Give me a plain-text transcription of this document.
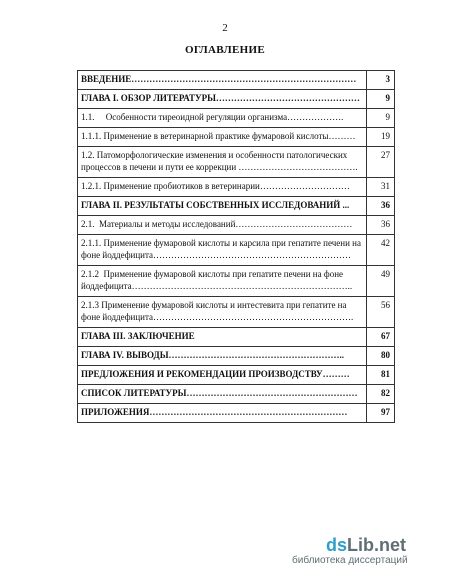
2
ОГЛАВЛЕНИЕ
ВВЕДЕНИЕ…………………………………………………………………	3
ГЛАВА I. ОБЗОР ЛИТЕРАТУРЫ…………………………………………	9
1.1.     Особенности тиреоидной регуляции организма……………….	9
1.1.1. Применение в ветеринарной практике фумаровой кислоты………	19
1.2. Патоморфологические изменения и особенности патологических процессов в печени и пути ее коррекции ………………………………….	27
1.2.1. Применение пробиотиков в ветеринарии…………………………	31
ГЛАВА II. РЕЗУЛЬТАТЫ СОБСТВЕННЫХ ИССЛЕДОВАНИЙ ...	36
2.1.  Материалы и методы исследований…………………………………	36
2.1.1. Применение фумаровой кислоты и карсила при гепатите печени на фоне йоддефицита…………………………………………………………	42
2.1.2  Применение фумаровой кислоты при гепатите печени на фоне йоддефицита………………………………………………………………..	49
2.1.3 Применение фумаровой кислоты и интестевита при гепатите на фоне йоддефицита………………………………………………………….	56
ГЛАВА III. ЗАКЛЮЧЕНИЕ	67
ГЛАВА IV. ВЫВОДЫ…………………………………………………..	80
ПРЕДЛОЖЕНИЯ И РЕКОМЕНДАЦИИ ПРОИЗВОДСТВУ………	81
СПИСОК ЛИТЕРАТУРЫ…………………………………………………	82
ПРИЛОЖЕНИЯ…………………………………………………………	97
dsLib.net
библиотека диссертаций
